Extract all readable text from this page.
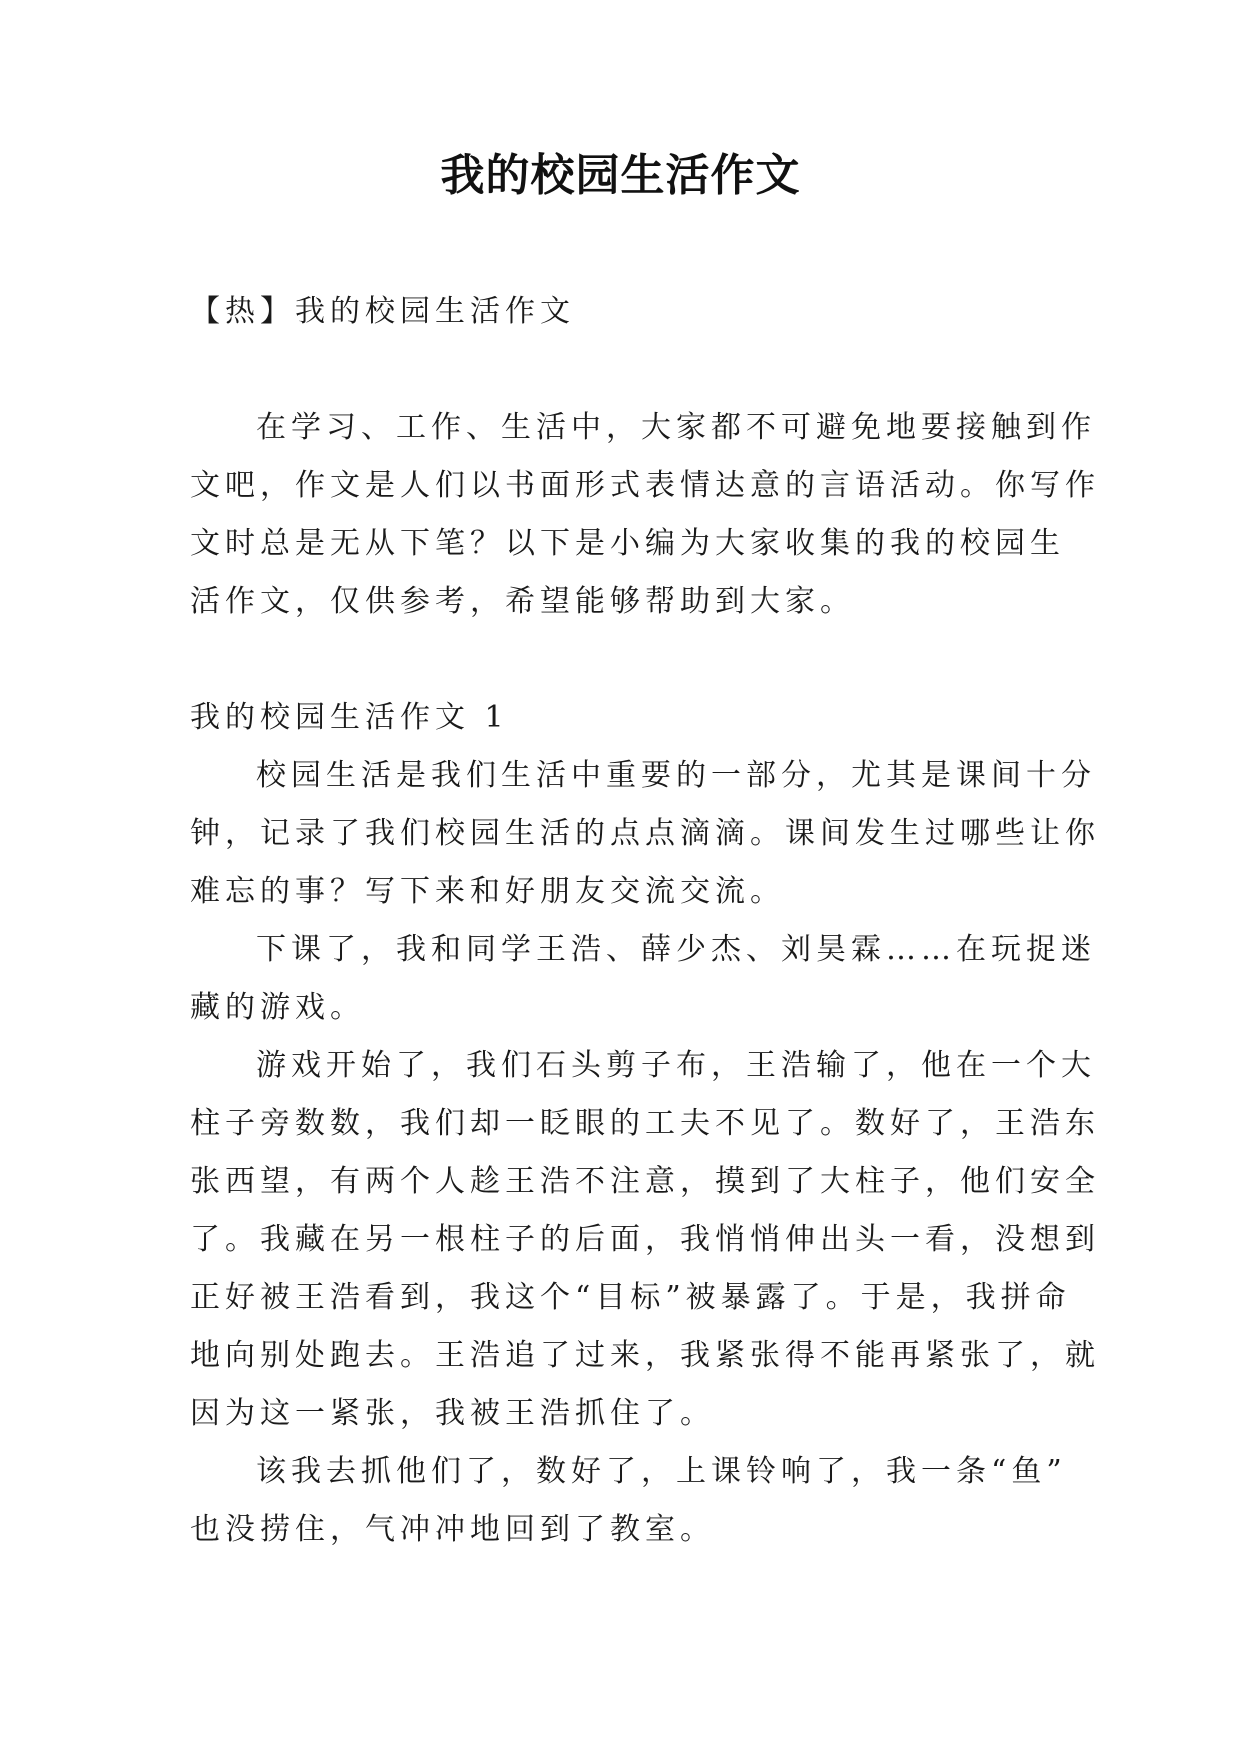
我的校园生活作文
【热】我的校园生活作文
在学习、工作、生活中，大家都不可避免地要接触到作
文吧，作文是人们以书面形式表情达意的言语活动。你写作
文时总是无从下笔？以下是小编为大家收集的我的校园生
活作文，仅供参考，希望能够帮助到大家。
我的校园生活作文 1
校园生活是我们生活中重要的一部分，尤其是课间十分
钟，记录了我们校园生活的点点滴滴。课间发生过哪些让你
难忘的事？写下来和好朋友交流交流。
下课了，我和同学王浩、薛少杰、刘昊霖……在玩捉迷
藏的游戏。
游戏开始了，我们石头剪子布，王浩输了，他在一个大
柱子旁数数，我们却一眨眼的工夫不见了。数好了，王浩东
张西望，有两个人趁王浩不注意，摸到了大柱子，他们安全
了。我藏在另一根柱子的后面，我悄悄伸出头一看，没想到
正好被王浩看到，我这个“目标”被暴露了。于是，我拼命
地向别处跑去。王浩追了过来，我紧张得不能再紧张了，就
因为这一紧张，我被王浩抓住了。
该我去抓他们了，数好了，上课铃响了，我一条“鱼”
也没捞住，气冲冲地回到了教室。
